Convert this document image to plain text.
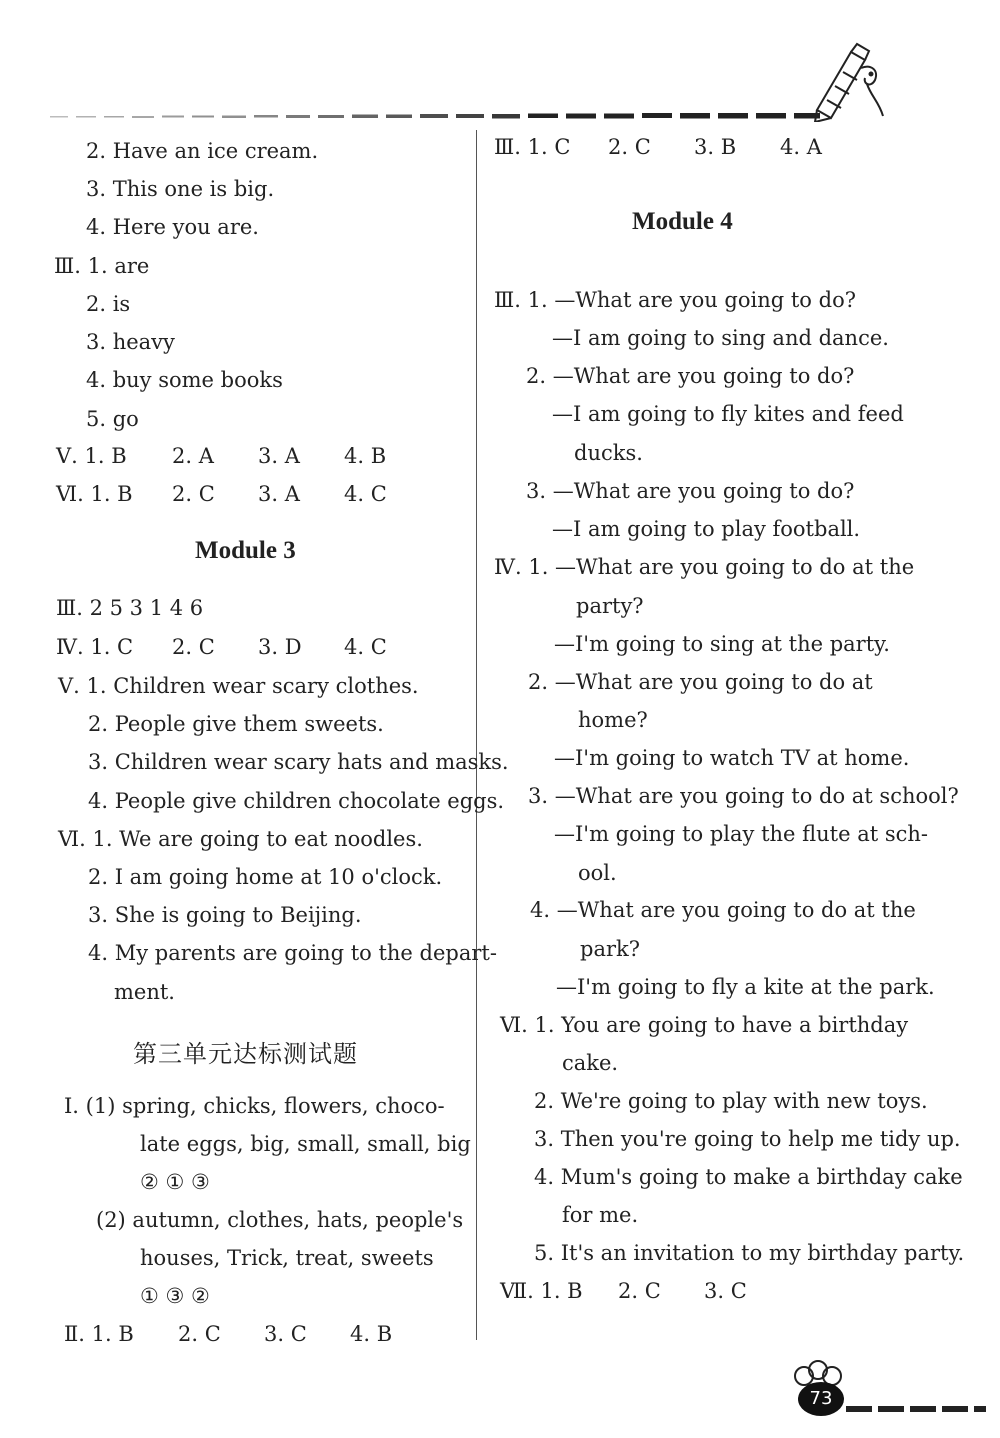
2. Have an ice cream.
3. This one is big.
4. Here you are.
Ⅲ. 1. are
2. is
3. heavy
4. buy some books
5. go
Ⅴ. 1. B 2. A 3. A 4. B
Ⅵ. 1. B 2. C 3. A 4. C
Module 3
Ⅲ. 2 5 3 1 4 6
Ⅳ. 1. C 2. C 3. D 4. C
Ⅴ. 1. Children wear scary clothes.
2. People give them sweets.
3. Children wear scary hats and masks.
4. People give children chocolate eggs.
Ⅵ. 1. We are going to eat noodles.
2. I am going home at 10 o'clock.
3. She is going to Beijing.
4. My parents are going to the depart-
ment.
第三单元达标测试题
Ⅰ. (1) spring, chicks, flowers, choco-
late eggs, big, small, small, big
② ① ③
(2) autumn, clothes, hats, people's
houses, Trick, treat, sweets
① ③ ②
Ⅱ. 1. B 2. C 3. C 4. B
Ⅲ. 1. C 2. C 3. B 4. A
Module 4
Ⅲ. 1. —What are you going to do?
—I am going to sing and dance.
2. —What are you going to do?
—I am going to fly kites and feed
ducks.
3. —What are you going to do?
—I am going to play football.
Ⅳ. 1. —What are you going to do at the
party?
—I'm going to sing at the party.
2. —What are you going to do at
home?
—I'm going to watch TV at home.
3. —What are you going to do at school?
—I'm going to play the flute at sch-
ool.
4. —What are you going to do at the
park?
—I'm going to fly a kite at the park.
Ⅵ. 1. You are going to have a birthday
cake.
2. We're going to play with new toys.
3. Then you're going to help me tidy up.
4. Mum's going to make a birthday cake
for me.
5. It's an invitation to my birthday party.
Ⅶ. 1. B 2. C 3. C
73
